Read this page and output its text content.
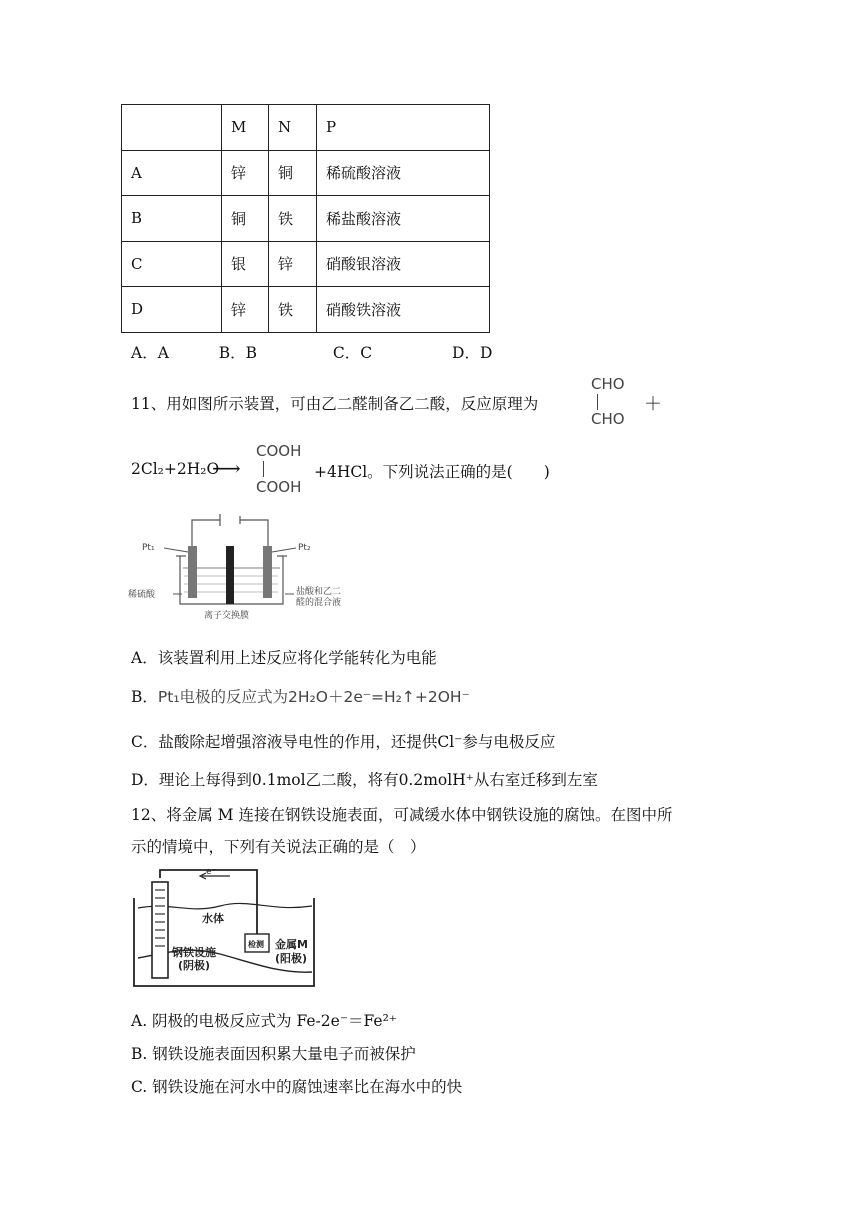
	M	N	P
A	锌	铜	稀硫酸溶液
B	铜	铁	稀盐酸溶液
C	银	锌	硝酸银溶液
D	锌	铁	硝酸铁溶液
A．A	B．B	C．C	D．D
11、用如图所示装置，可由乙二醛制备乙二酸，反应原理为
CHO
CHO
＋
2Cl₂+2H₂O
⟶
COOH
COOH
+4HCl。下列说法正确的是(　　)
Pt₁	Pt₂
稀硫酸	盐酸和乙二
醛的混合液
离子交换膜
A．该装置利用上述反应将化学能转化为电能
B．Pt₁电极的反应式为2H₂O＋2e⁻=H₂↑+2OH⁻
C．盐酸除起增强溶液导电性的作用，还提供Cl⁻参与电极反应
D．理论上每得到0.1mol乙二酸，将有0.2molH⁺从右室迁移到左室
12、将金属 M 连接在钢铁设施表面，可减缓水体中钢铁设施的腐蚀。在图中所
示的情境中，下列有关说法正确的是（　）
e⁻
水体
钢铁设施
(阴极)
检测 金属M
(阳极)
A. 阴极的电极反应式为 Fe-2e⁻＝Fe²⁺
B. 钢铁设施表面因积累大量电子而被保护
C. 钢铁设施在河水中的腐蚀速率比在海水中的快
